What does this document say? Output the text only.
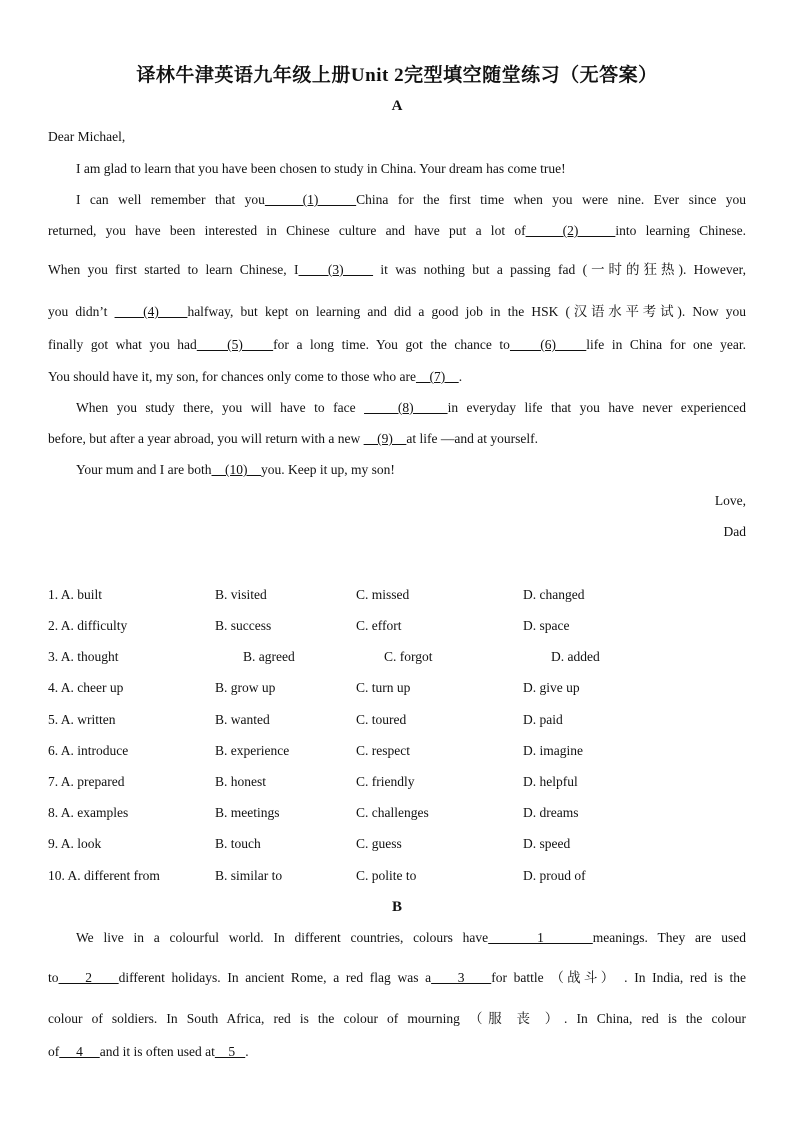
译林牛津英语九年级上册Unit 2完型填空随堂练习（无答案）
A
Dear Michael,
I am glad to learn that you have been chosen to study in China. Your dream has come true!
I can well remember that you    (1)    China for the first time when you were nine. Ever since you
returned, you have been interested in Chinese culture and have put a lot of    (2)    into learning Chinese.
When you first started to learn Chinese, I    (3)     it was nothing but a passing fad (一时的狂热). However,
you didn’t     (4)    halfway, but kept on learning and did a good job in the HSK (汉语水平考试). Now you
finally got what you had    (5)    for a long time. You got the chance to    (6)    life in China for one year.
You should have it, my son, for chances only come to those who are    (7)    .
When you study there, you will have to face     (8)    in everyday life that you have never experienced
before, but after a year abroad, you will return with a new     (9)    at life —and at yourself.
Your mum and I are both    (10)    you. Keep it up, my son!
Love,
Dad
1. A. built	B. visited	C. missed	D. changed
2. A. difficulty	B. success	C. effort	D. space
3. A. thought	B. agreed	C. forgot	D. added
4. A. cheer up	B. grow up	C. turn up	D. give up
5. A. written	B. wanted	C. toured	D. paid
6. A. introduce	B. experience	C. respect	D. imagine
7. A. prepared	B. honest	C. friendly	D. helpful
8. A. examples	B. meetings	C. challenges	D. dreams
9. A. look	B. touch	C. guess	D. speed
10. A. different from	B. similar to	C. polite to	D. proud of
B
We live in a colourful world. In different countries, colours have     1     meanings. They are used
to    2    different holidays. In ancient Rome, a red flag was a    3    for battle （战斗） . In India, red is the
colour of soldiers. In South Africa, red is the colour of mourning （服 丧 ）. In China, red is the colour
of     4     and it is often used at    5   .
